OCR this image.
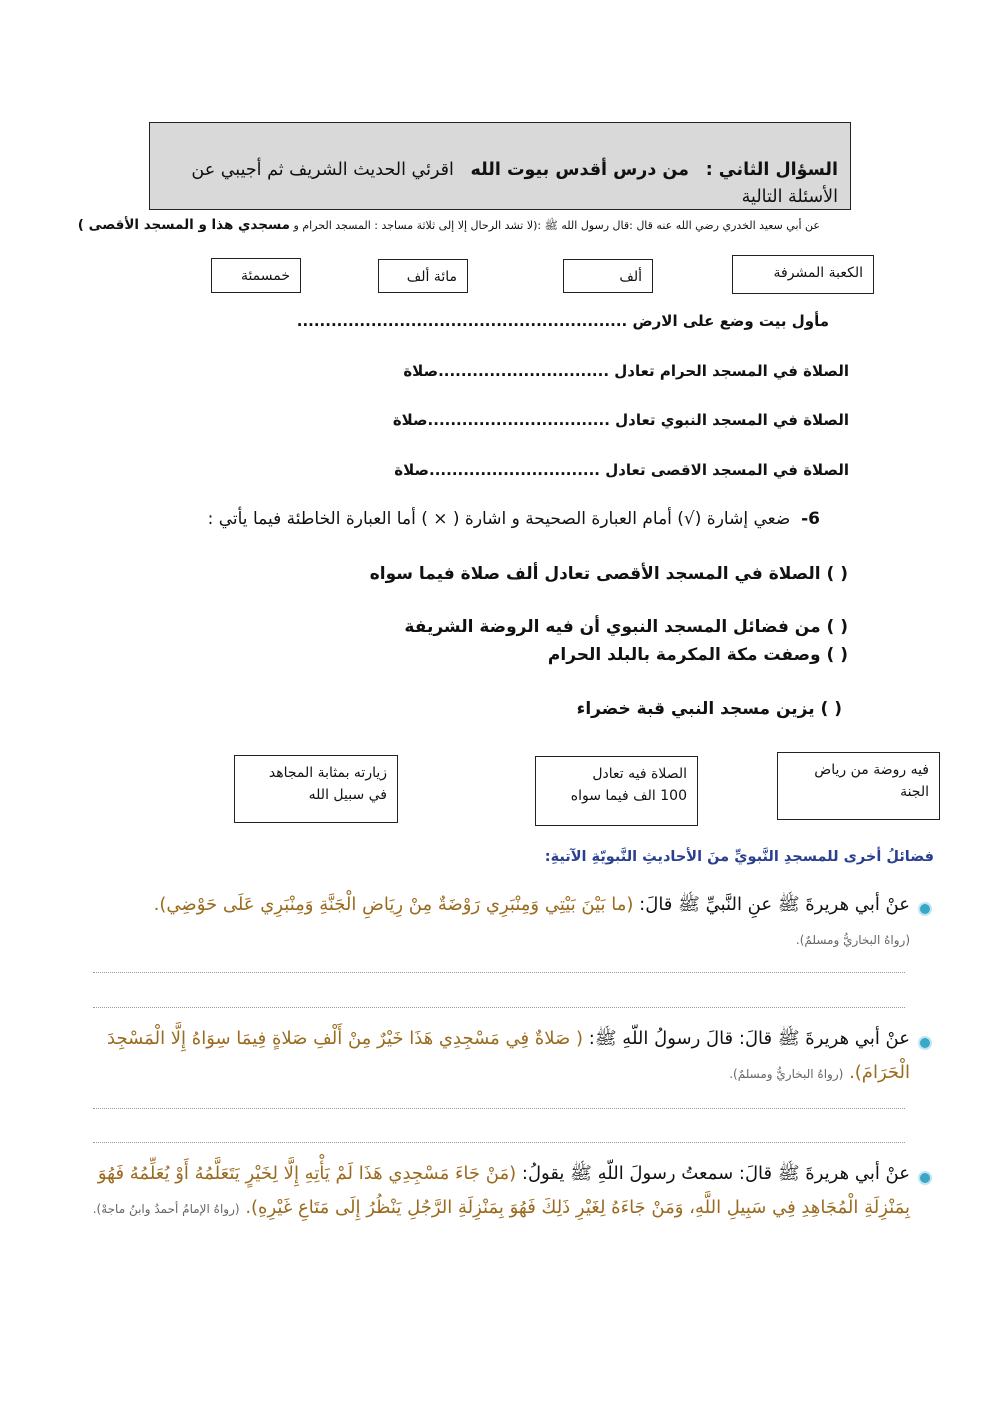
السؤال الثاني :   من درس أقدس بيوت الله   اقرئي الحديث الشريف ثم أجيبي عن الأسئلة التالية
عن أبي سعيد الخدري رضي الله عنه قال :قال رسول الله ﷺ :(لا تشد الرحال إلا إلى ثلاثة مساجد : المسجد الحرام و مسجدي هذا و المسجد الأقصى )
الكعبة المشرفة
ألف
مائة ألف
خمسمئة
مأول بيت وضع على الارض ..........................................................
الصلاة في المسجد الحرام تعادل ..............................صلاة
الصلاة في المسجد النبوي تعادل ................................صلاة
الصلاة في المسجد الاقصى تعادل ..............................صلاة
6-  ضعي إشارة (√) أمام العبارة الصحيحة و اشارة ( × ) أما العبارة الخاطئة فيما يأتي :
( ) الصلاة في المسجد الأقصى تعادل ألف صلاة فيما سواه
( ) من فضائل المسجد النبوي أن فيه الروضة الشريفة
( ) وصفت مكة المكرمة بالبلد الحرام
( ) يزين مسجد النبي قبة خضراء
فيه روضة من رياض
الجنة
الصلاة فيه تعادل
100 الف فيما سواه
زيارته بمثابة المجاهد
في سبيل الله
فضائلُ أخرى للمسجدِ النَّبويِّ منَ الأحاديثِ النَّبويّةِ الآتيةِ:
عنْ أبي هريرةَ ﷺ عنِ النَّبيِّ ﷺ قالَ: (ما بَيْنَ بَيْتِي وَمِنْبَرِي رَوْضَةٌ مِنْ رِيَاضِ الْجَنَّةِ وَمِنْبَرِي عَلَى حَوْضِي).
(رواهُ البخاريُّ ومسلمٌ).
عنْ أبي هريرةَ ﷺ قالَ: قالَ رسولُ اللّهِ ﷺ: ( صَلاةٌ فِي مَسْجِدِي هَذَا خَيْرٌ مِنْ أَلْفِ صَلاةٍ فِيمَا سِوَاهُ إِلَّا الْمَسْجِدَ الْحَرَامَ). (رواهُ البخاريُّ ومسلمٌ).
عنْ أبي هريرةَ ﷺ قالَ: سمعتُ رسولَ اللّهِ ﷺ يقولُ: (مَنْ جَاءَ مَسْجِدِي هَذَا لَمْ يَأْتِهِ إِلَّا لِخَيْرٍ يَتَعَلَّمُهُ أَوْ يُعَلِّمُهُ فَهُوَ بِمَنْزِلَةِ الْمُجَاهِدِ فِي سَبِيلِ اللَّهِ، وَمَنْ جَاءَهُ لِغَيْرِ ذَلِكَ فَهُوَ بِمَنْزِلَةِ الرَّجُلِ يَنْظُرُ إِلَى مَتَاعِ غَيْرِهِ). (رواهُ الإمامُ أحمدُ وابنُ ماجهْ).
